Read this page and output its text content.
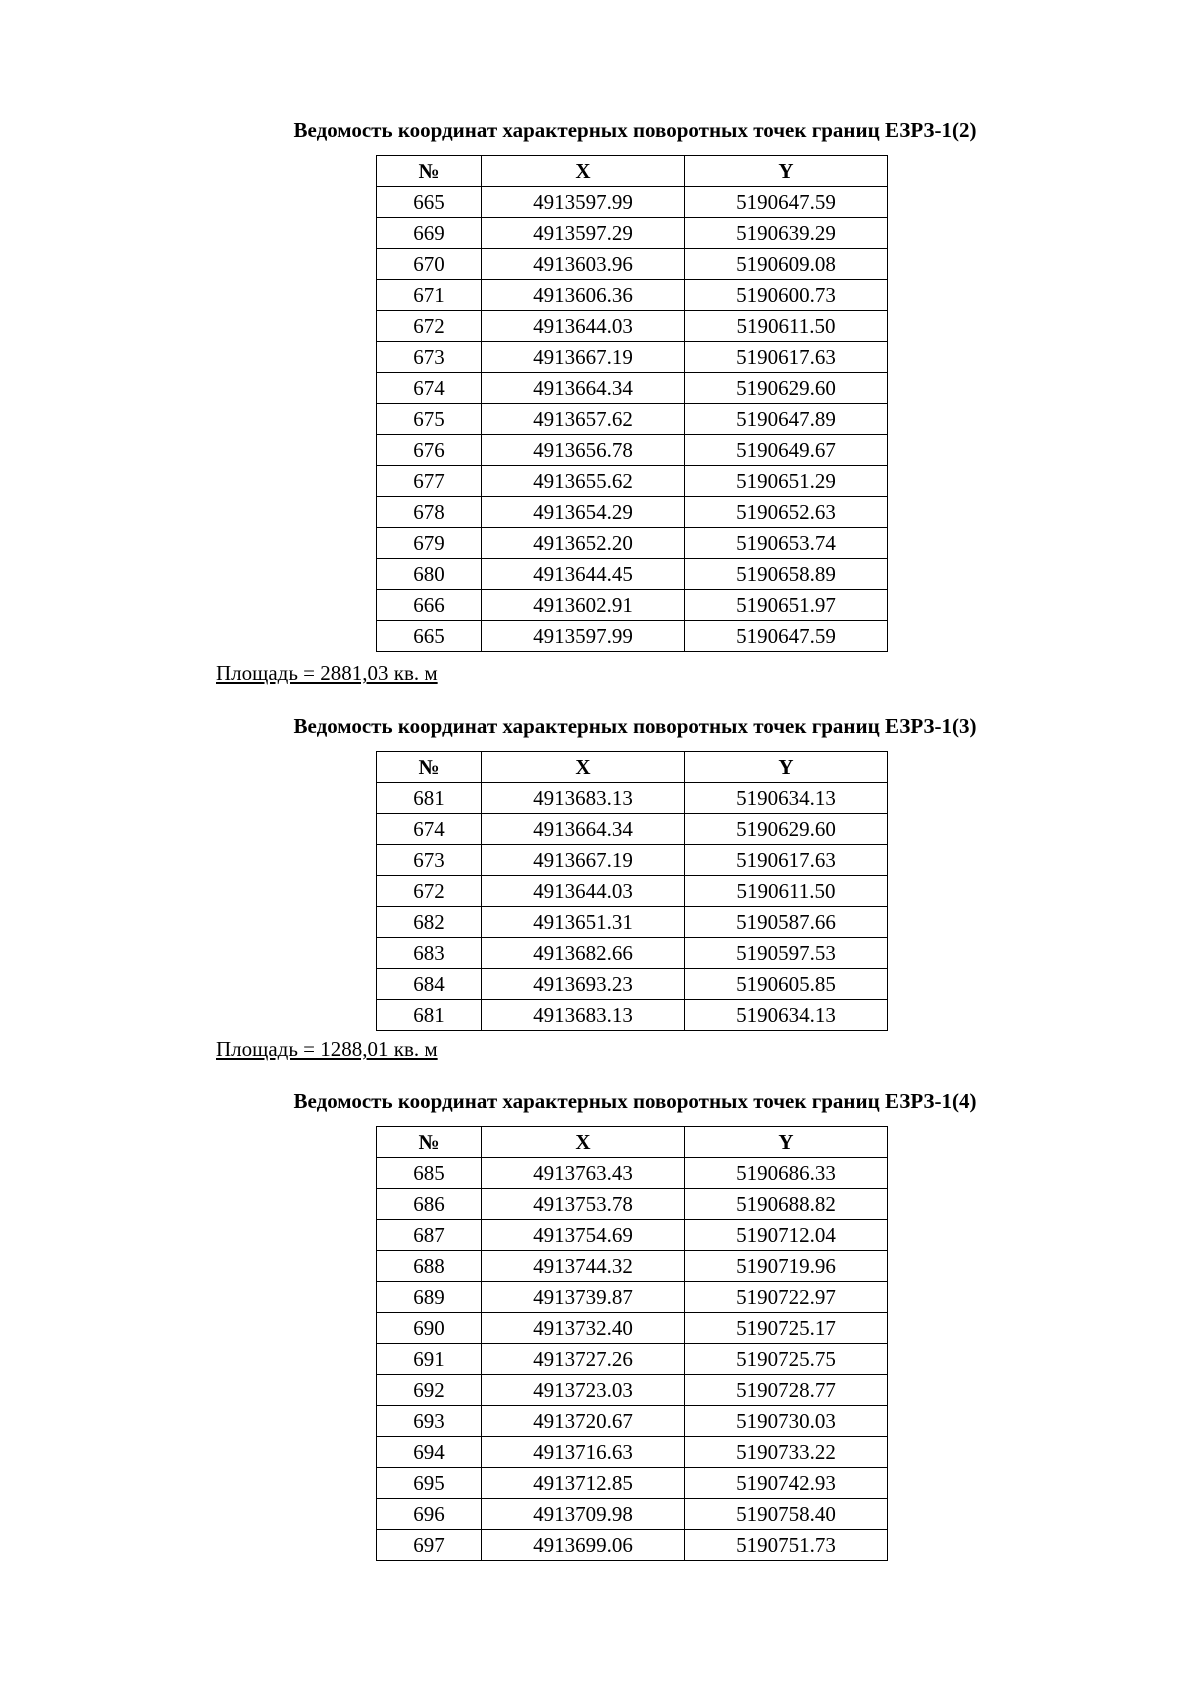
Ведомость координат характерных поворотных точек границ ЕЗРЗ-1(2)
№	X	Y
665	4913597.99	5190647.59
669	4913597.29	5190639.29
670	4913603.96	5190609.08
671	4913606.36	5190600.73
672	4913644.03	5190611.50
673	4913667.19	5190617.63
674	4913664.34	5190629.60
675	4913657.62	5190647.89
676	4913656.78	5190649.67
677	4913655.62	5190651.29
678	4913654.29	5190652.63
679	4913652.20	5190653.74
680	4913644.45	5190658.89
666	4913602.91	5190651.97
665	4913597.99	5190647.59
Площадь = 2881,03 кв. м
Ведомость координат характерных поворотных точек границ ЕЗРЗ-1(3)
№	X	Y
681	4913683.13	5190634.13
674	4913664.34	5190629.60
673	4913667.19	5190617.63
672	4913644.03	5190611.50
682	4913651.31	5190587.66
683	4913682.66	5190597.53
684	4913693.23	5190605.85
681	4913683.13	5190634.13
Площадь = 1288,01 кв. м
Ведомость координат характерных поворотных точек границ ЕЗРЗ-1(4)
№	X	Y
685	4913763.43	5190686.33
686	4913753.78	5190688.82
687	4913754.69	5190712.04
688	4913744.32	5190719.96
689	4913739.87	5190722.97
690	4913732.40	5190725.17
691	4913727.26	5190725.75
692	4913723.03	5190728.77
693	4913720.67	5190730.03
694	4913716.63	5190733.22
695	4913712.85	5190742.93
696	4913709.98	5190758.40
697	4913699.06	5190751.73
